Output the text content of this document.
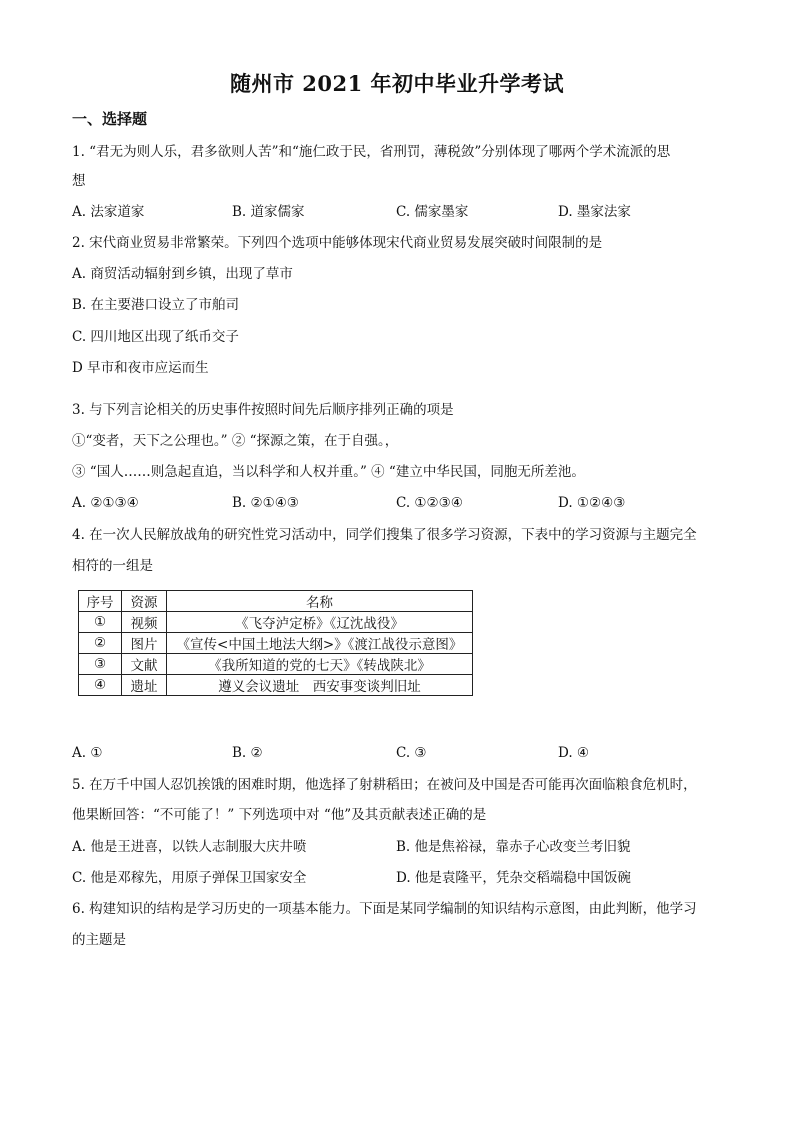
随州市 2021 年初中毕业升学考试
一、选择题
1. “君无为则人乐，君多欲则人苦”和“施仁政于民，省刑罚，薄税敛”分别体现了哪两个学术流派的思
想
A. 法家道家	B. 道家儒家	C. 儒家墨家	D. 墨家法家
2. 宋代商业贸易非常繁荣。下列四个选项中能够体现宋代商业贸易发展突破时间限制的是
A. 商贸活动辐射到乡镇，出现了草市
B. 在主要港口设立了市舶司
C. 四川地区出现了纸币交子
D 早市和夜市应运而生
3. 与下列言论相关的历史事件按照时间先后顺序排列正确的项是
①“变者，天下之公理也。” ② “探源之策，在于自强。，
③ “国人……则急起直追，当以科学和人权并重。” ④ “建立中华民国，同胞无所差池。
A. ②①③④	B. ②①④③	C. ①②③④	D. ①②④③
4. 在一次人民解放战角的研究性党习活动中，同学们搜集了很多学习资源，下表中的学习资源与主题完全
相符的一组是
序号	资源	名称
①	视频	《飞夺泸定桥》《辽沈战役》
②	图片	《宣传<中国土地法大纲>》《渡江战役示意图》
③	文献	《我所知道的党的七天》《转战陕北》
④	遗址	遵义会议遗址　西安事变谈判旧址
A. ①	B. ②	C. ③	D. ④
5. 在万千中国人忍饥挨饿的困难时期，他选择了射耕稻田；在被问及中国是否可能再次面临粮食危机时，
他果断回答：“不可能了！” 下列选项中对 “他”及其贡献表述正确的是
A. 他是王进喜，以铁人志制服大庆井喷	B. 他是焦裕禄，靠赤子心改变兰考旧貌
C. 他是邓稼先，用原子弹保卫国家安全	D. 他是袁隆平，凭杂交稻端稳中国饭碗
6. 构建知识的结构是学习历史的一项基本能力。下面是某同学编制的知识结构示意图，由此判断，他学习
的主题是
